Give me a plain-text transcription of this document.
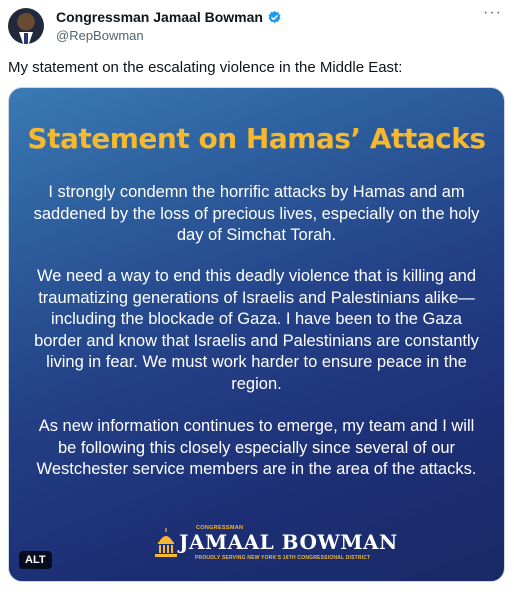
Congressman Jamaal Bowman
@RepBowman
···
My statement on the escalating violence in the Middle East:
Statement on Hamas’ Attacks
I strongly condemn the horrific attacks by Hamas and am saddened by the loss of precious lives, especially on the holy day of Simchat Torah.
We need a way to end this deadly violence that is killing and traumatizing generations of Israelis and Palestinians alike—including the blockade of Gaza. I have been to the Gaza border and know that Israelis and Palestinians are constantly living in fear. We must work harder to ensure peace in the region.
As new information continues to emerge, my team and I will be following this closely especially since several of our Westchester service members are in the area of the attacks.
CONGRESSMAN
JAMAAL BOWMAN
PROUDLY SERVING NEW YORK'S 16TH CONGRESSIONAL DISTRICT
ALT
